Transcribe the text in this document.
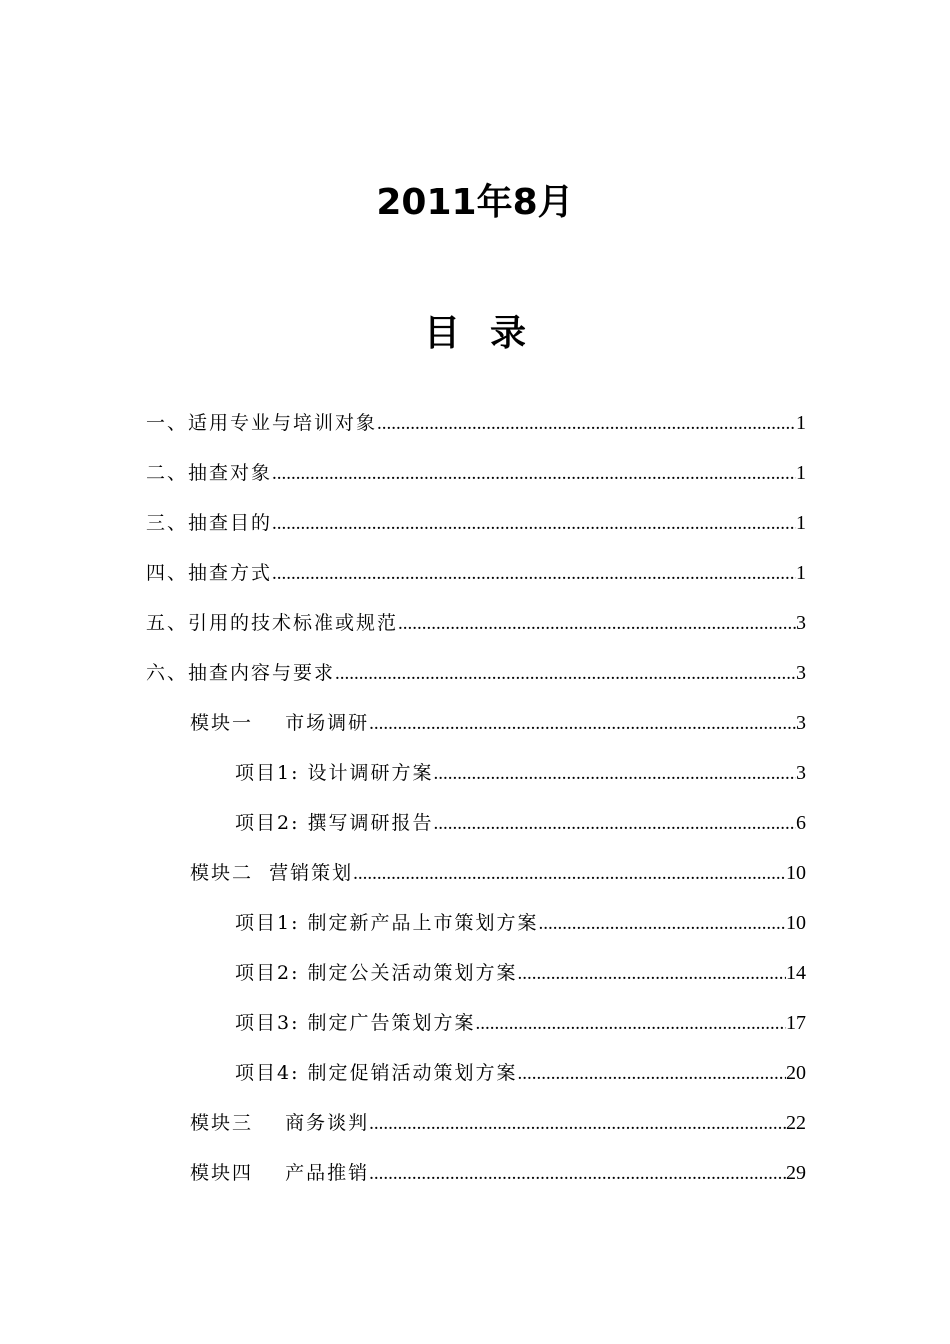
2011年8月
目 录
一、适用专业与培训对象 .....	1
二、抽查对象 .....	1
三、抽查目的 .....	1
四、抽查方式 .....	1
五、引用的技术标准或规范 .....	3
六、抽查内容与要求 .....	3
模块一    市场调研 .....	3
项目1: 设计调研方案 .....	3
项目2: 撰写调研报告 .....	6
模块二  营销策划 .....	10
项目1: 制定新产品上市策划方案 .....	10
项目2: 制定公关活动策划方案 .....	14
项目3: 制定广告策划方案 .....	17
项目4: 制定促销活动策划方案 .....	20
模块三    商务谈判 .....	22
模块四    产品推销 .....	29
